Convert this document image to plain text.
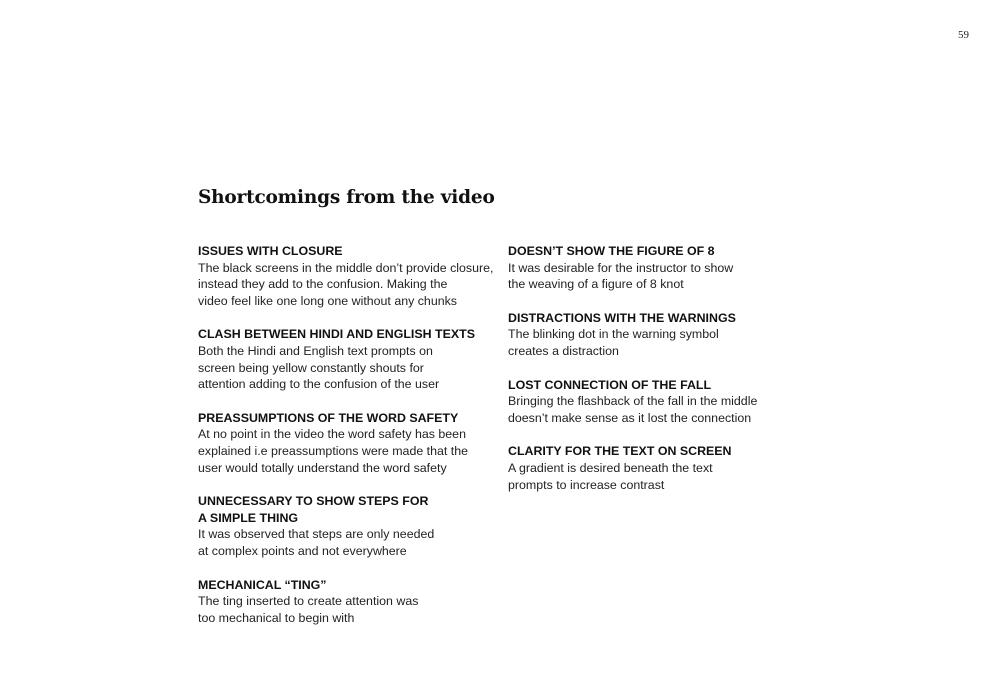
59
Shortcomings from the video
ISSUES WITH CLOSURE
The black screens in the middle don’t provide closure,
instead they add to the confusion. Making the
video feel like one long one without any chunks
CLASH BETWEEN HINDI AND ENGLISH TEXTS
Both the Hindi and English text prompts on
screen being yellow constantly shouts for
attention adding to the confusion of the user
PREASSUMPTIONS OF THE WORD SAFETY
At no point in the video the word safety has been
explained i.e preassumptions were made that the
user would totally understand the word safety
UNNECESSARY TO SHOW STEPS FOR
A SIMPLE THING
It was observed that steps are only needed
at complex points and not everywhere
MECHANICAL “TING”
The ting inserted to create attention was
too mechanical to begin with
DOESN’T SHOW THE FIGURE OF 8
It was desirable for the instructor to show
the weaving of a figure of 8 knot
DISTRACTIONS WITH THE WARNINGS
The blinking dot in the warning symbol
creates a distraction
LOST CONNECTION OF THE FALL
Bringing the flashback of the fall in the middle
doesn’t make sense as it lost the connection
CLARITY FOR THE TEXT ON SCREEN
A gradient is desired beneath the text
prompts to increase contrast
